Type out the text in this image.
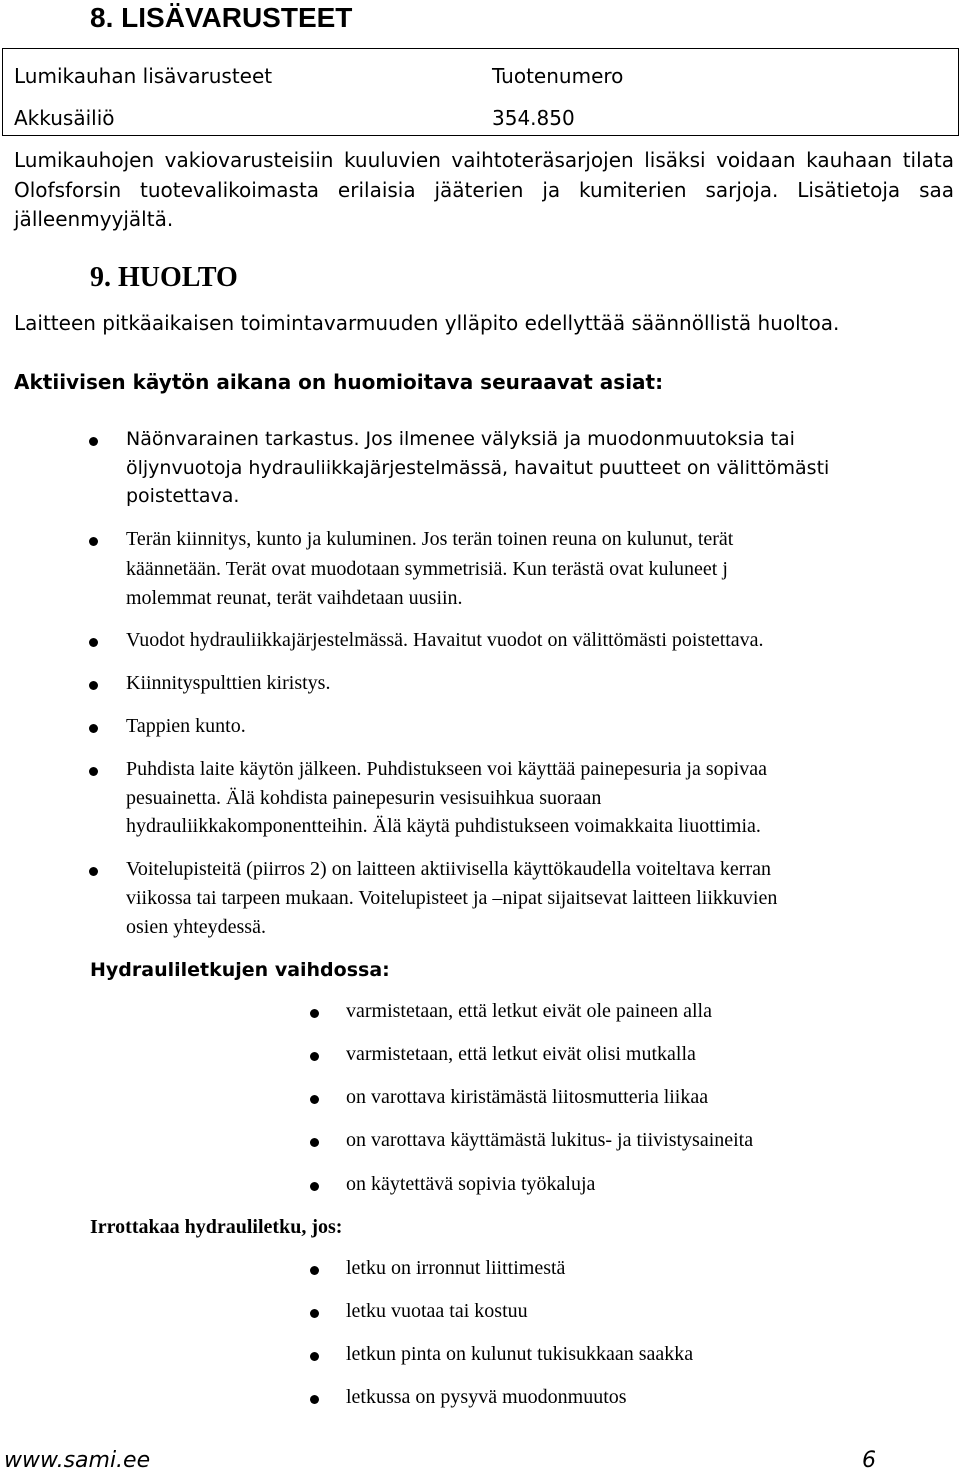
8. LISÄVARUSTEET
Lumikauhan lisävarusteet	Tuotenumero
Akkusäiliö	354.850
Lumikauhojen vakiovarusteisiin kuuluvien vaihtoteräsarjojen lisäksi voidaan kauhaan tilata
Olofsforsin tuotevalikoimasta erilaisia jääterien ja kumiterien sarjoja. Lisätietoja saa
jälleenmyyjältä.
9. HUOLTO
Laitteen pitkäaikaisen toimintavarmuuden ylläpito edellyttää säännöllistä huoltoa.
Aktiivisen käytön aikana on huomioitava seuraavat asiat:
Näönvarainen tarkastus. Jos ilmenee välyksiä ja muodonmuutoksia tai
öljynvuotoja hydrauliikkajärjestelmässä, havaitut puutteet on välittömästi
poistettava.
Terän kiinnitys, kunto ja kuluminen. Jos terän toinen reuna on kulunut, terät
käännetään. Terät ovat muodotaan symmetrisiä. Kun terästä ovat kuluneet j
molemmat reunat, terät vaihdetaan uusiin.
Vuodot hydrauliikkajärjestelmässä. Havaitut vuodot on välittömästi poistettava.
Kiinnityspulttien kiristys.
Tappien kunto.
Puhdista laite käytön jälkeen. Puhdistukseen voi käyttää painepesuria ja sopivaa
pesuainetta. Älä kohdista painepesurin vesisuihkua suoraan
hydrauliikkakomponentteihin. Älä käytä puhdistukseen voimakkaita liuottimia.
Voitelupisteitä (piirros 2) on laitteen aktiivisella käyttökaudella voiteltava kerran
viikossa tai tarpeen mukaan. Voitelupisteet ja –nipat sijaitsevat laitteen liikkuvien
osien yhteydessä.
Hydrauliletkujen vaihdossa:
varmistetaan, että letkut eivät ole paineen alla
varmistetaan, että letkut eivät olisi mutkalla
on varottava kiristämästä liitosmutteria liikaa
on varottava käyttämästä lukitus- ja tiivistysaineita
on käytettävä sopivia työkaluja
Irrottakaa hydrauliletku, jos:
letku on irronnut liittimestä
letku vuotaa tai kostuu
letkun pinta on kulunut tukisukkaan saakka
letkussa on pysyvä muodonmuutos
www.sami.ee	6
